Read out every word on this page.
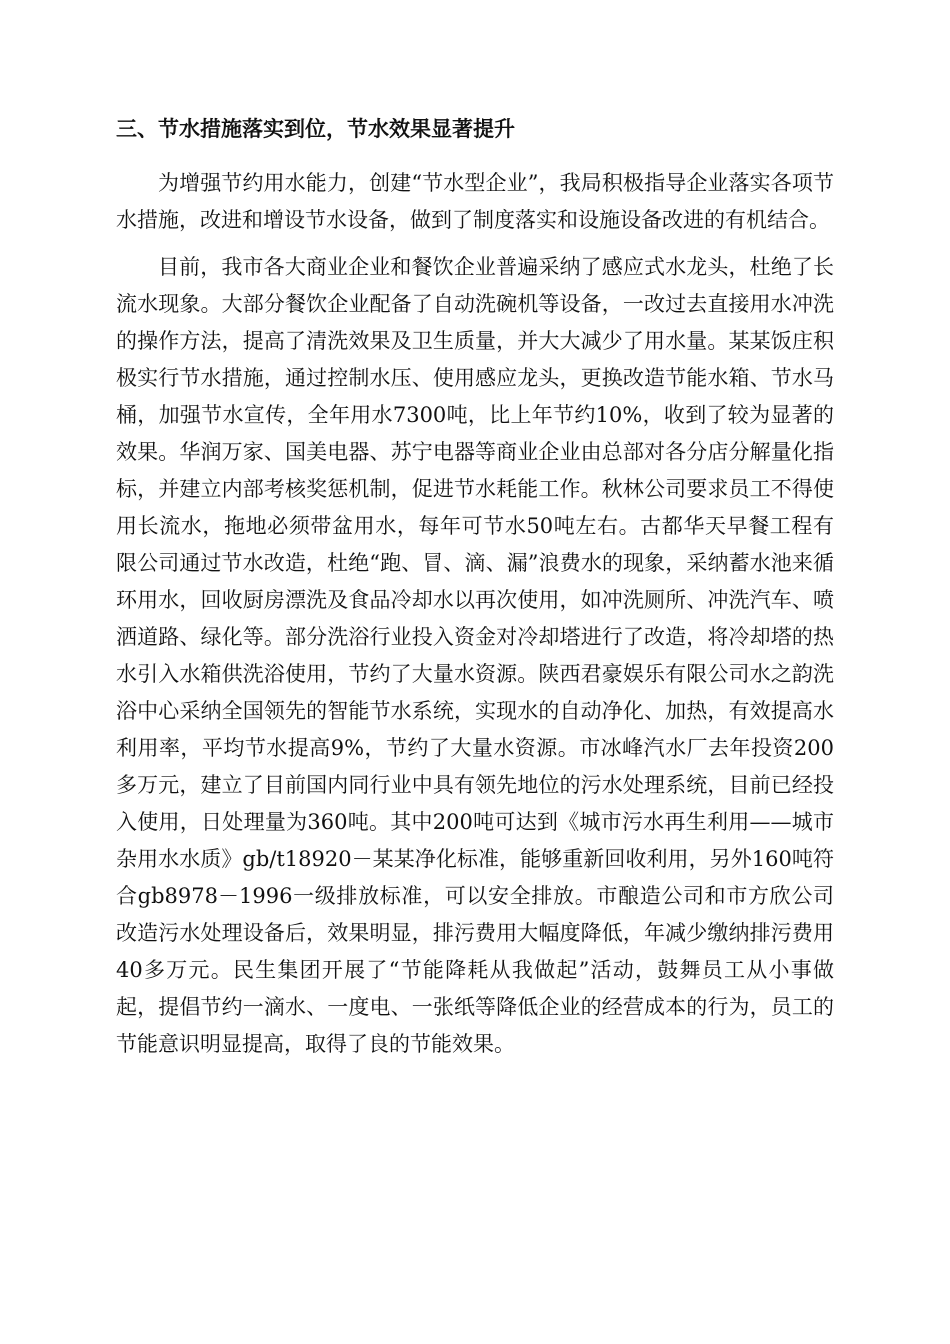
三、节水措施落实到位，节水效果显著提升

为增强节约用水能力，创建“节水型企业”，我局积极指导企业落实各项节水措施，改进和增设节水设备，做到了制度落实和设施设备改进的有机结合。

目前，我市各大商业企业和餐饮企业普遍采纳了感应式水龙头，杜绝了长流水现象。大部分餐饮企业配备了自动洗碗机等设备，一改过去直接用水冲洗的操作方法，提高了清洗效果及卫生质量，并大大减少了用水量。某某饭庄积极实行节水措施，通过控制水压、使用感应龙头，更换改造节能水箱、节水马桶，加强节水宣传，全年用水7300吨，比上年节约10%，收到了较为显著的效果。华润万家、国美电器、苏宁电器等商业企业由总部对各分店分解量化指标，并建立内部考核奖惩机制，促进节水耗能工作。秋林公司要求员工不得使用长流水，拖地必须带盆用水，每年可节水50吨左右。古都华天早餐工程有限公司通过节水改造，杜绝“跑、冒、滴、漏”浪费水的现象，采纳蓄水池来循环用水，回收厨房漂洗及食品冷却水以再次使用，如冲洗厕所、冲洗汽车、喷洒道路、绿化等。部分洗浴行业投入资金对冷却塔进行了改造，将冷却塔的热水引入水箱供洗浴使用，节约了大量水资源。陕西君豪娱乐有限公司水之韵洗浴中心采纳全国领先的智能节水系统，实现水的自动净化、加热，有效提高水利用率，平均节水提高9%，节约了大量水资源。市冰峰汽水厂去年投资200多万元，建立了目前国内同行业中具有领先地位的污水处理系统，目前已经投入使用，日处理量为360吨。其中200吨可达到《城市污水再生利用——城市杂用水水质》gb/t18920－某某净化标准，能够重新回收利用，另外160吨符合gb8978－1996一级排放标准，可以安全排放。市酿造公司和市方欣公司改造污水处理设备后，效果明显，排污费用大幅度降低，年减少缴纳排污费用40多万元。民生集团开展了“节能降耗从我做起”活动，鼓舞员工从小事做起，提倡节约一滴水、一度电、一张纸等降低企业的经营成本的行为，员工的节能意识明显提高，取得了良的节能效果。
